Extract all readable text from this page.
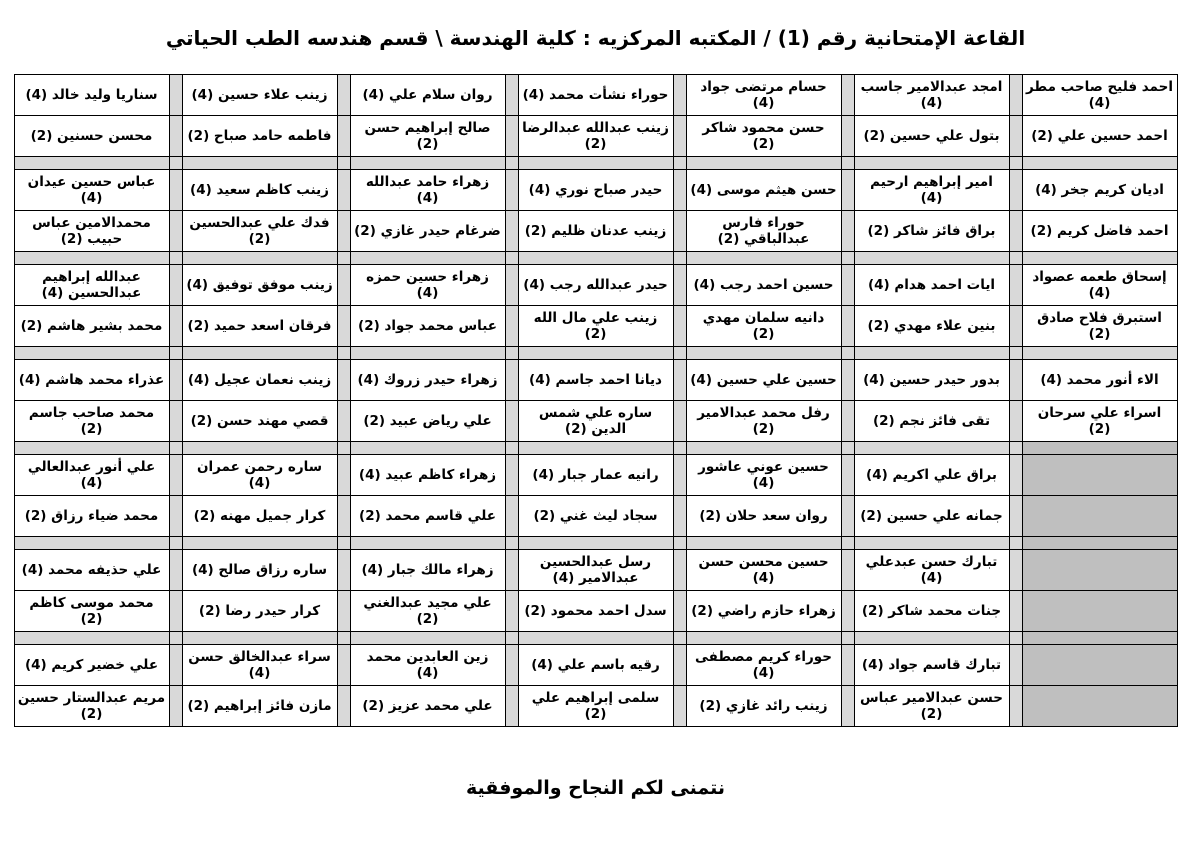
القاعة الإمتحانية رقم (1) / المكتبه المركزيه : كلية الهندسة \ قسم هندسه الطب الحياتي
احمد فليح صاحب مطر (4)		امجد عبدالامير جاسب (4)		حسام مرتضى جواد (4)		حوراء نشأت محمد (4)		روان سلام علي (4)		زينب علاء حسين (4)		سناريا وليد خالد (4)
احمد حسين علي (2)		بتول علي حسين (2)		حسن محمود شاكر (2)		زينب عبدالله عبدالرضا (2)		صالح إبراهيم حسن (2)		فاطمه حامد صباح (2)		محسن حسنين (2)

اديان كريم جخر (4)		امير إبراهيم ارحيم (4)		حسن هيثم موسى (4)		حيدر صباح نوري (4)		زهراء حامد عبدالله (4)		زينب كاظم سعيد (4)		عباس حسين عيدان (4)
احمد فاضل كريم (2)		براق فائز شاكر (2)		حوراء فارس عبدالباقي (2)		زينب عدنان ظليم (2)		ضرغام حيدر غازي (2)		فدك علي عبدالحسين (2)		محمدالامين عباس حبيب (2)

إسحاق طعمه عصواد (4)		ايات احمد هدام (4)		حسين احمد رجب (4)		حيدر عبدالله رجب (4)		زهراء حسين حمزه (4)		زينب موفق توفيق (4)		عبدالله إبراهيم عبدالحسين (4)
استبرق فلاح صادق (2)		بنين علاء مهدي (2)		دانيه سلمان مهدي (2)		زينب علي مال الله (2)		عباس محمد جواد (2)		فرقان اسعد حميد (2)		محمد بشير هاشم (2)

الاء أنور محمد (4)		بدور حيدر حسين (4)		حسين علي حسين (4)		ديانا احمد جاسم (4)		زهراء حيدر زروك (4)		زينب نعمان عجيل (4)		عذراء محمد هاشم (4)
اسراء علي سرحان (2)		تقى فائز نجم (2)		رفل محمد عبدالامير (2)		ساره علي شمس الدين (2)		علي رياض عبيد (2)		قصي مهند حسن (2)		محمد صاحب جاسم (2)

		براق علي اكريم (4)		حسين عوني عاشور (4)		رانيه عمار جبار (4)		زهراء كاظم عبيد (4)		ساره رحمن عمران (4)		علي أنور عبدالعالي (4)
		جمانه علي حسين (2)		روان سعد حلان (2)		سجاد ليث غني (2)		علي قاسم محمد (2)		كرار جميل مهنه (2)		محمد ضياء رزاق (2)

		تبارك حسن عبدعلي (4)		حسين محسن حسن (4)		رسل عبدالحسين عبدالامير (4)		زهراء مالك جبار (4)		ساره رزاق صالح (4)		علي حذيفه محمد (4)
		جنات محمد شاكر (2)		زهراء حازم راضي (2)		سدل احمد محمود (2)		علي مجيد عبدالغني (2)		كرار حيدر رضا (2)		محمد موسى كاظم (2)

		تبارك قاسم جواد (4)		حوراء كريم مصطفى (4)		رقيه باسم علي (4)		زين العابدين محمد (4)		سراء عبدالخالق حسن (4)		علي خضير كريم (4)
		حسن عبدالامير عباس (2)		زينب رائد غازي (2)		سلمى إبراهيم علي (2)		علي محمد عزيز (2)		مازن فائز إبراهيم (2)		مريم عبدالستار حسين (2)
نتمنى لكم النجاح والموفقية
